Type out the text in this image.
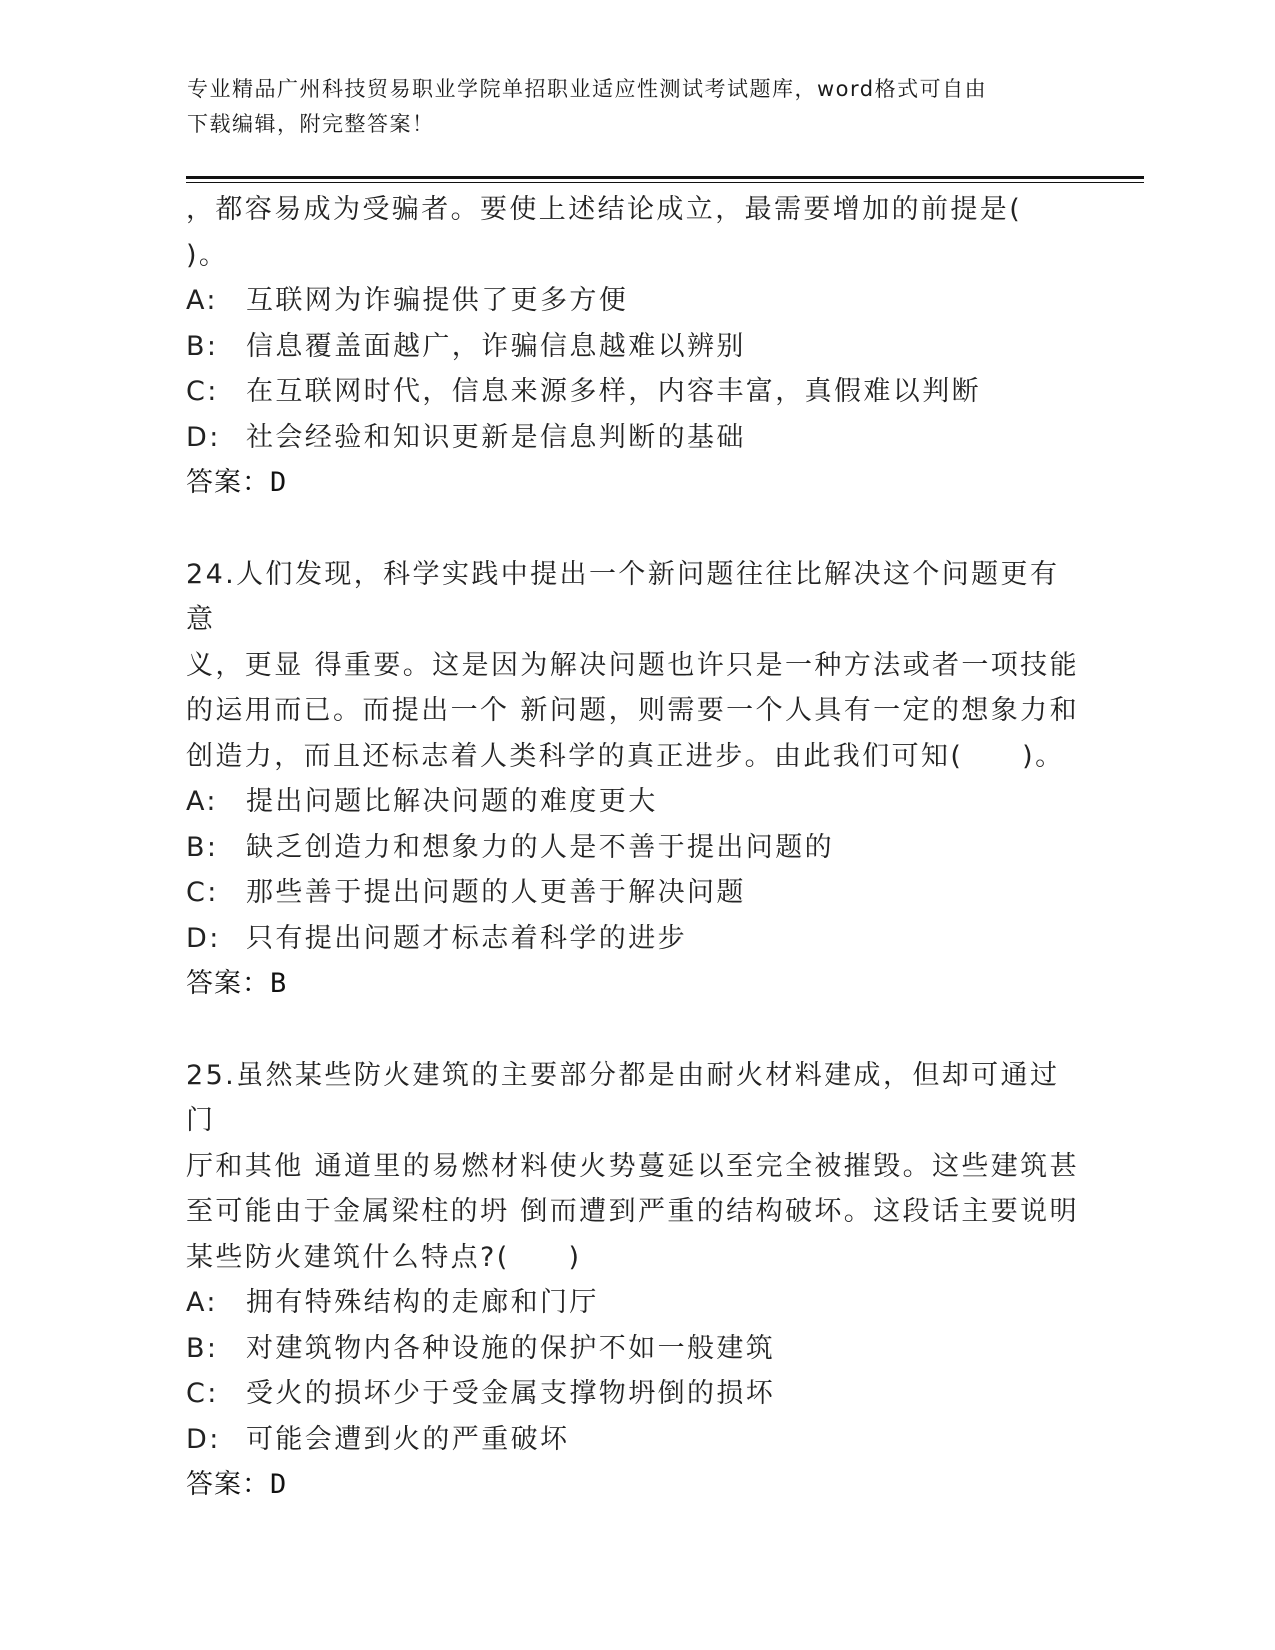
专业精品广州科技贸易职业学院单招职业适应性测试考试题库，word格式可自由
下载编辑，附完整答案！

，都容易成为受骗者。要使上述结论成立，最需要增加的前提是(

)。

A:	互联网为诈骗提供了更多方便
B:	信息覆盖面越广，诈骗信息越难以辨别
C:	在互联网时代，信息来源多样，内容丰富，真假难以判断
D: 社会经验和知识更新是信息判断的基础
答案：D

24.人们发现，科学实践中提出一个新问题往往比解决这个问题更有意

义，更显 得重要。这是因为解决问题也许只是一种方法或者一项技能

的运用而已。而提出一个 新问题，则需要一个人具有一定的想象力和

创造力，而且还标志着人类科学的真正进步。由此我们可知(　　)。

A:	提出问题比解决问题的难度更大
B:	缺乏创造力和想象力的人是不善于提出问题的
C:	那些善于提出问题的人更善于解决问题
D: 只有提出问题才标志着科学的进步
答案：B

25.虽然某些防火建筑的主要部分都是由耐火材料建成，但却可通过门

厅和其他 通道里的易燃材料使火势蔓延以至完全被摧毁。这些建筑甚

至可能由于金属梁柱的坍 倒而遭到严重的结构破坏。这段话主要说明

某些防火建筑什么特点?(　　)

A:	拥有特殊结构的走廊和门厅
B:	对建筑物内各种设施的保护不如一般建筑
C:	受火的损坏少于受金属支撑物坍倒的损坏
D: 可能会遭到火的严重破坏
答案：D
